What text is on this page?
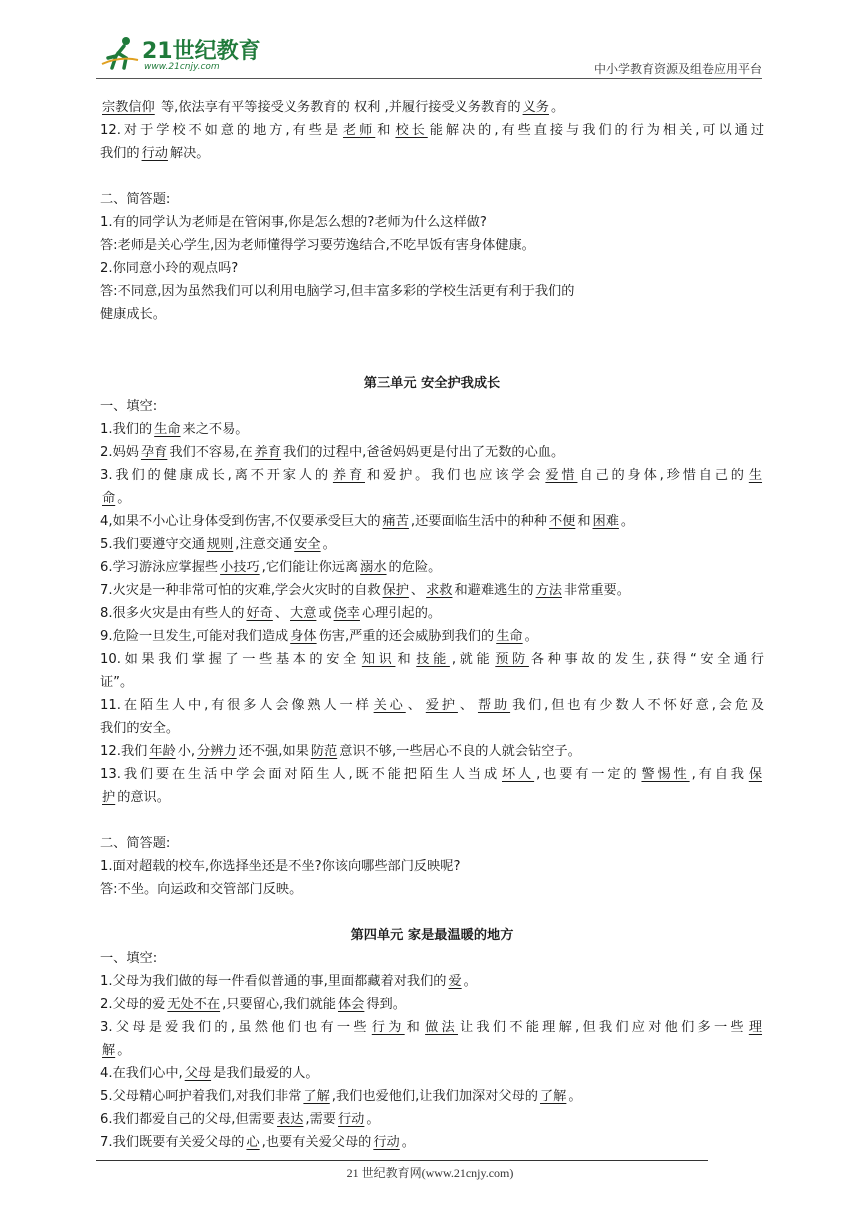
21世纪教育
www.21cnjy.com	中小学教育资源及组卷应用平台
宗教信仰 等,依法享有平等接受义务教育的 权利 ,并履行接受义务教育的 义务 。
12.对于学校不如意的地方,有些是 老师 和 校长 能解决的,有些直接与我们的行为相关,可以通过
我们的 行动 解决。
二、简答题:
1.有的同学认为老师是在管闲事,你是怎么想的?老师为什么这样做?
答:老师是关心学生,因为老师懂得学习要劳逸结合,不吃早饭有害身体健康。
2.你同意小玲的观点吗?
答:不同意,因为虽然我们可以利用电脑学习,但丰富多彩的学校生活更有利于我们的
健康成长。
第三单元 安全护我成长
一、填空:
1.我们的 生命 来之不易。
2.妈妈 孕育 我们不容易,在 养育 我们的过程中,爸爸妈妈更是付出了无数的心血。
3.我们的健康成长,离不开家人的 养育 和爱护。我们也应该学会 爱惜 自己的身体,珍惜自己的 生
命 。
4,如果不小心让身体受到伤害,不仅要承受巨大的 痛苦 ,还要面临生活中的种种 不便 和 困难 。
5.我们要遵守交通 规则 ,注意交通 安全 。
6.学习游泳应掌握些 小技巧 ,它们能让你远离 溺水 的危险。
7.火灾是一种非常可怕的灾难,学会火灾时的自救 保护 、 求救 和避难逃生的 方法 非常重要。
8.很多火灾是由有些人的 好奇 、 大意 或 侥幸 心理引起的。
9.危险一旦发生,可能对我们造成 身体 伤害,严重的还会威胁到我们的 生命 。
10.如果我们掌握了一些基本的安全 知识 和 技能 ,就能 预防 各种事故的发生,获得“安全通行
证”。
11.在陌生人中,有很多人会像熟人一样 关心 、 爱护 、 帮助 我们,但也有少数人不怀好意,会危及
我们的安全。
12.我们 年龄 小, 分辨力 还不强,如果 防范 意识不够,一些居心不良的人就会钻空子。
13.我们要在生活中学会面对陌生人,既不能把陌生人当成 坏人 ,也要有一定的 警惕性 ,有自我 保
护 的意识。
二、简答题:
1.面对超载的校车,你选择坐还是不坐?你该向哪些部门反映呢?
答:不坐。向运政和交管部门反映。
第四单元 家是最温暖的地方
一、填空:
1.父母为我们做的每一件看似普通的事,里面都藏着对我们的 爱 。
2.父母的爱 无处不在 ,只要留心,我们就能 体会 得到。
3.父母是爱我们的,虽然他们也有一些 行为 和 做法 让我们不能理解,但我们应对他们多一些 理
解 。
4.在我们心中, 父母 是我们最爱的人。
5.父母精心呵护着我们,对我们非常 了解 ,我们也爱他们,让我们加深对父母的 了解 。
6.我们都爱自己的父母,但需要 表达 ,需要 行动 。
7.我们既要有关爱父母的 心 ,也要有关爱父母的 行动 。
21 世纪教育网(www.21cnjy.com)
